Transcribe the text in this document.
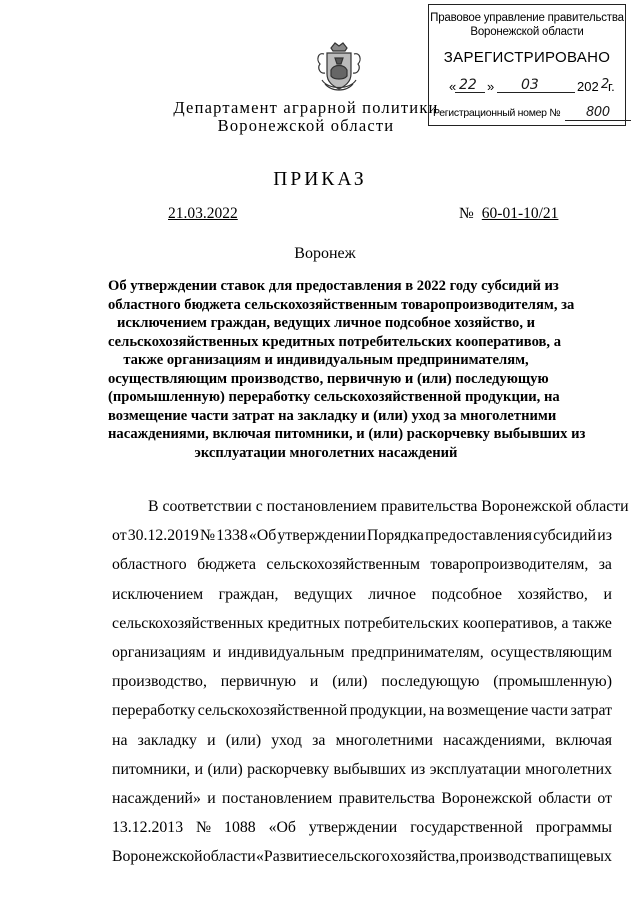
Правовое управление правительства
Воронежской области
ЗАРЕГИСТРИРОВАНО
« 22 » 03	202 2
г.
Регистрационный номер № 800
Департамент аграрной политики
Воронежской области
ПРИКАЗ
21.03.2022	№ 60-01-10/21
Воронеж
Об утверждении ставок для предоставления в 2022 году субсидий из
областного бюджета сельскохозяйственным товаропроизводителям, за
исключением граждан, ведущих личное подсобное хозяйство, и
сельскохозяйственных кредитных потребительских кооперативов, а
также организациям и индивидуальным предпринимателям,
осуществляющим производство, первичную и (или) последующую
(промышленную) переработку сельскохозяйственной продукции, на
возмещение части затрат на закладку и (или) уход за многолетними
насаждениями, включая питомники, и (или) раскорчевку выбывших из
эксплуатации многолетних насаждений
В соответствии с постановлением правительства Воронежской области
от 30.12.2019 № 1338 «Об утверждении Порядка предоставления субсидий из
областного бюджета сельскохозяйственным товаропроизводителям, за
исключением граждан, ведущих личное подсобное хозяйство, и
сельскохозяйственных кредитных потребительских кооперативов, а также
организациям и индивидуальным предпринимателям, осуществляющим
производство, первичную и (или) последующую (промышленную)
переработку сельскохозяйственной продукции, на возмещение части затрат
на закладку и (или) уход за многолетними насаждениями, включая
питомники, и (или) раскорчевку выбывших из эксплуатации многолетних
насаждений» и постановлением правительства Воронежской области от
13.12.2013 № 1088 «Об утверждении государственной программы
Воронежской области «Развитие сельского хозяйства, производства пищевых
